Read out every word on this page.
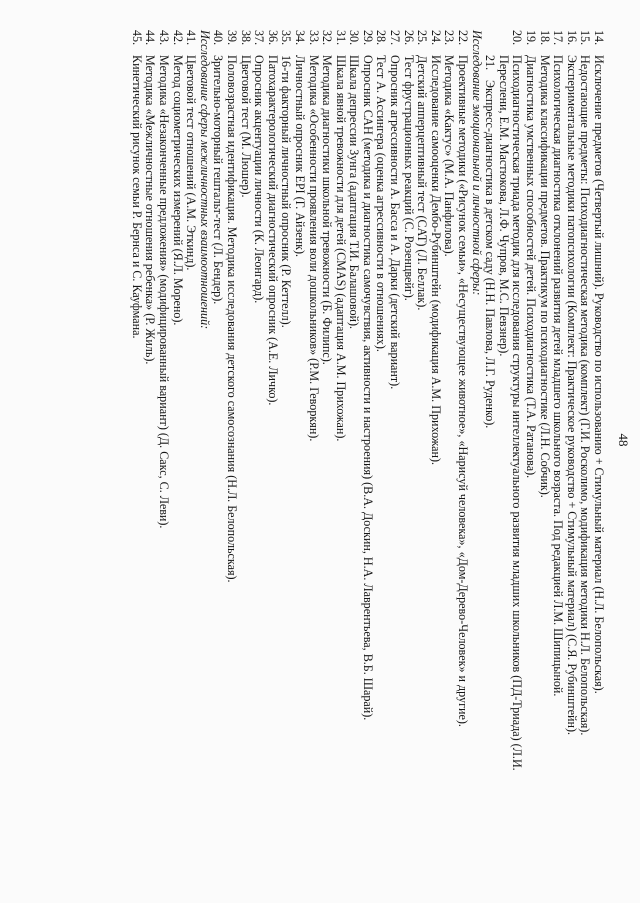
48
14.Исключение предметов (Четвертый лишний). Руководство по использованию + Стимульный материал (Н.Л. Белопольская).
15.Недостающие предметы: Психодиагностическая методика (комплект) (Г.И. Росколимо, модификация методики Н.Л. Белопольская).
16.Экспериментальные методики патопсихологии (Комплект: Практическое руководство + Стимульный материал) (С.Я. Рубинштейн).
17.Психологическая диагностика отклонений развития детей младшего школьного возраста. Под редакцией Л.М. Шипицыной.
18.Методика классификации предметов. Практикум по психодиагностике (Л.Н. Собчик).
19.Диагностика умственных способностей детей. Психодиагностика (Т.А. Ратанова).
20.Психодиагностическая триада методик для исследования структуры интеллектуального развития младших школьников (ПД-Триада) (Л.И.
Переслени, Е.М. Мастюкова, Л.Ф. Чупров, М.С. Певзнер).
21.Экспресс-диагностика в детском саду (Н.Н. Павлова, Л.Г. Руденко).
Исследование эмоциональной и личностной сферы:
22.Проективные методики («Рисунок семьи», «Несуществующее животное», «Нарисуй человека», «Дом-Дерево-Человек» и другие).
23.Методика «Кактус» (М.А. Панфилова).
24.Исследование самооценки Дембо-Рубинштейн (модификация А.М. Прихожан).
25.Детский апперцептивный тест (CAT) (Л. Беллак).
26.Тест фрустрационных реакций (С. Розенцвейг).
27.Опросник агрессивности А. Басса и А. Дарки (детский вариант).
28.Тест А. Ассингера (оценка агрессивности в отношениях).
29.Опросник САН (методика и диагностика самочувствия, активности и настроения) (В.А. Доскин, Н.А. Лаврентьева, В.Б. Шарай).
30.Шкала депрессии Зунга (адаптация Т.И. Балашовой).
31.Шкала явной тревожности для детей (CMAS) (адаптация А.М. Прихожан).
32.Методика диагностики школьной тревожности (Б. Филипс).
33.Методика «Особенности проявления воли дошкольников» (Р.М. Геворкян).
34.Личностный опросник EPI (Г. Айзенк).
35.16-ти факторный личностный опросник (Р. Кеттелл).
36.Патохарактерологический диагностический опросник (А.Е. Личко).
37.Опросник акцентуации личности (К. Леонгард).
38.Цветовой тест (М. Люшер).
39.Половозрастная идентификация. Методика исследования детского самосознания (Н.Л. Белопольская).
40.Зрительно-моторный гештальт-тест (Л. Бендер).
Исследование сферы межличностных взаимоотношений:
41.Цветовой тест отношений (А.М. Эткинд).
42.Метод социометрических измерений (Я.Л. Морено).
43.Методика «Незаконченные предложения» (модифицированный вариант) (Д. Сакс, С. Леви).
44.Методика «Межличностные отношения ребенка» (Р. Жиль).
45.Кинетический рисунок семьи Р. Бернса и С. Кауфмана.
